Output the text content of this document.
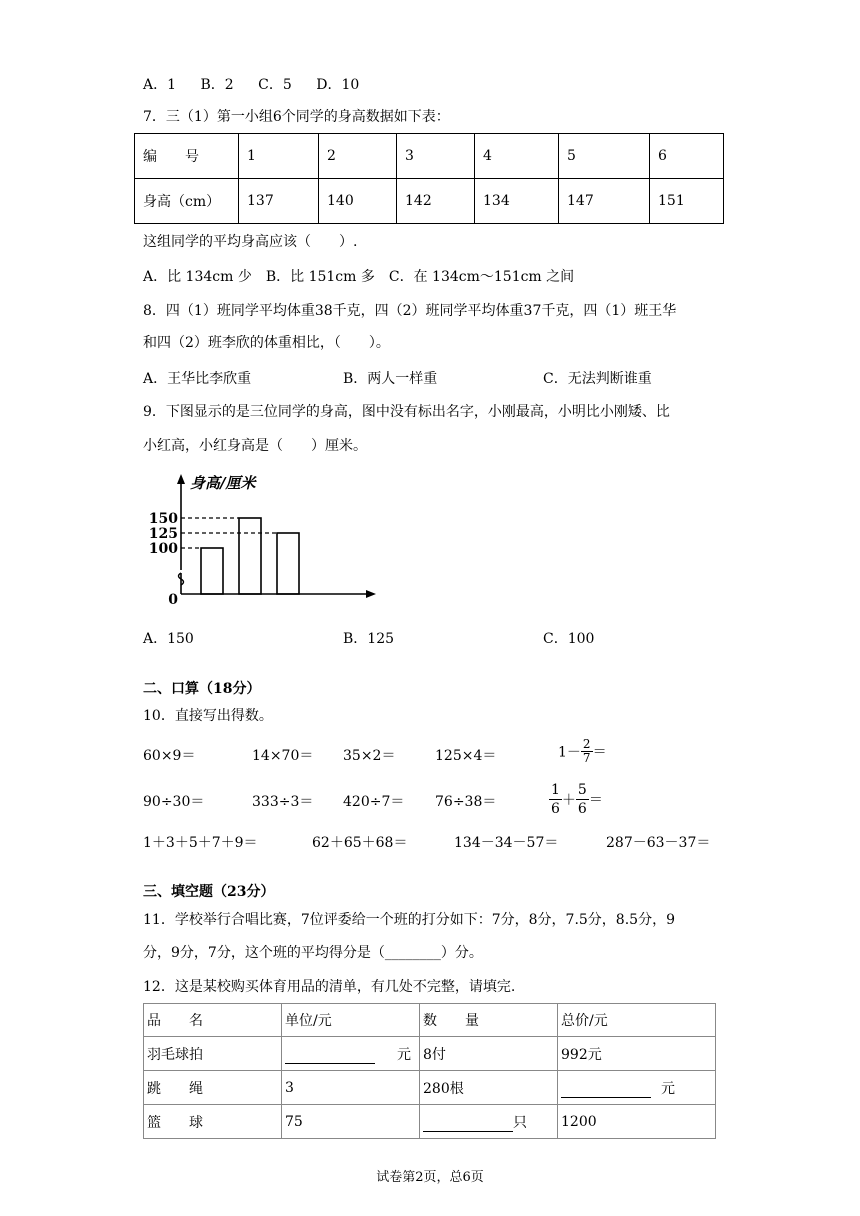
A．1 B．2 C．5 D．10
7．三（1）第一小组6个同学的身高数据如下表：
编　　号	1	2	3	4	5	6
身高（cm）	137	140	142	134	147	151
这组同学的平均身高应该（　　）.
A．比 134cm 少　B．比 151cm 多　C．在 134cm～151cm 之间
8．四（1）班同学平均体重38千克，四（2）班同学平均体重37千克，四（1）班王华
和四（2）班李欣的体重相比，（　　）。
A．王华比李欣重	B．两人一样重	C．无法判断谁重
9．下图显示的是三位同学的身高，图中没有标出名字，小刚最高，小明比小刚矮、比
小红高，小红身高是（　　）厘米。
身高/厘米
150
125
100
0
A．150	B．125	C．100
二、口算（18分）
10．直接写出得数。
60×9＝	14×70＝ 35×2＝	125×4＝	$1- \frac{2}{7}$ ＝
90÷30＝	333÷3＝ 420÷7＝ 76÷38＝	$\frac{1}{6} + \frac{5}{6}$ ＝
1＋3＋5＋7＋9＝	62＋65＋68＝	134－34－57＝	287－63－37＝
三、填空题（23分）
11．学校举行合唱比赛，7位评委给一个班的打分如下：7分，8分，7.5分，8.5分，9
分，9分，7分，这个班的平均得分是（________）分。
12．这是某校购买体育用品的清单，有几处不完整，请填完.
品　　名	单位/元	数　　量	总价/元
羽毛球拍	元	8付	992元
跳　　绳	3	280根	元
篮　　球	75	只	1200
试卷第2页，总6页
